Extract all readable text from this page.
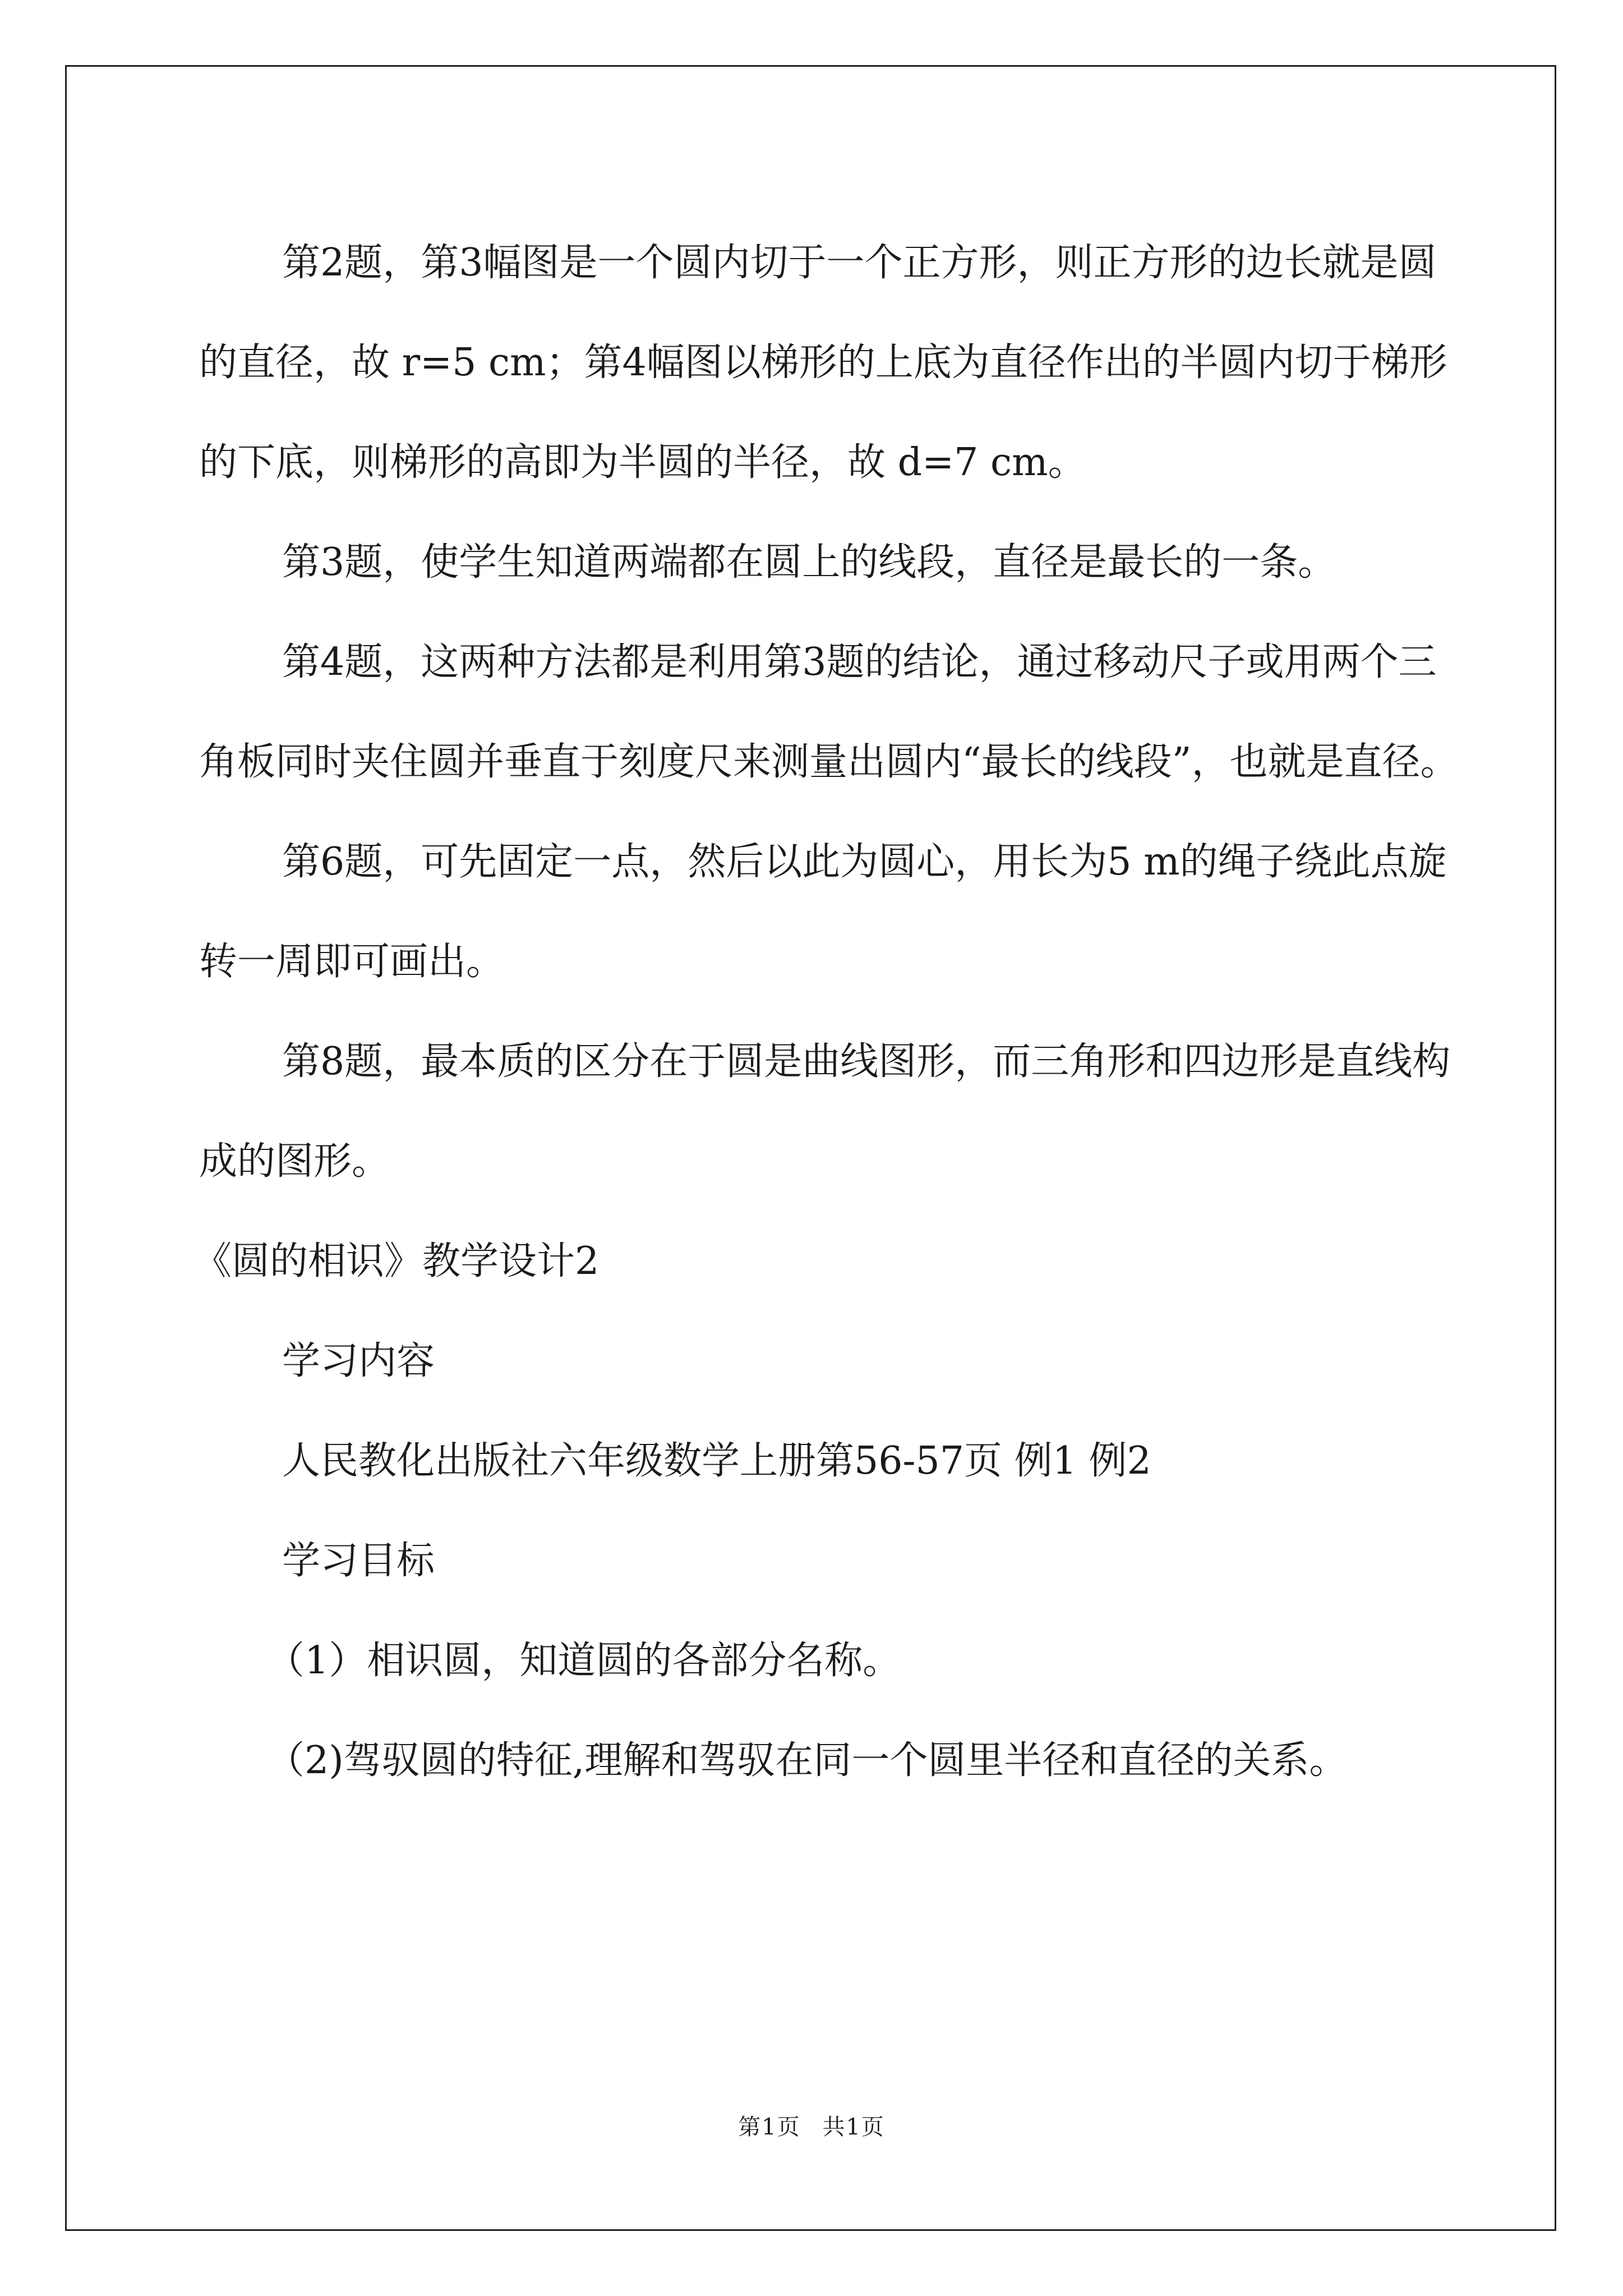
第2题，第3幅图是一个圆内切于一个正方形，则正方形的边长就是圆的直径，故 r=5 cm；第4幅图以梯形的上底为直径作出的半圆内切于梯形的下底，则梯形的高即为半圆的半径，故 d=7 cm。

第3题，使学生知道两端都在圆上的线段，直径是最长的一条。

第4题，这两种方法都是利用第3题的结论，通过移动尺子或用两个三角板同时夹住圆并垂直于刻度尺来测量出圆内“最长的线段”，也就是直径。

第6题，可先固定一点，然后以此为圆心，用长为5 m的绳子绕此点旋转一周即可画出。

第8题，最本质的区分在于圆是曲线图形，而三角形和四边形是直线构成的图形。

《圆的相识》教学设计2

学习内容

人民教化出版社六年级数学上册第56-57页 例1 例2

学习目标

（1）相识圆，知道圆的各部分名称。

（2)驾驭圆的特征,理解和驾驭在同一个圆里半径和直径的关系。

第1页 共1页
